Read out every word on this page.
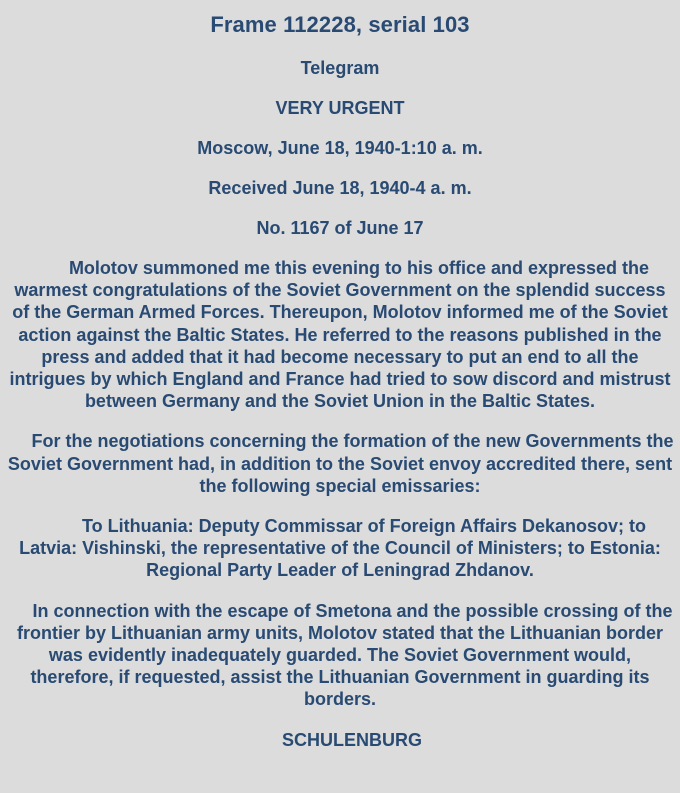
Frame 112228, serial 103

Telegram

VERY URGENT

Moscow, June 18, 1940-1:10 a. m.

Received June 18, 1940-4 a. m.

No. 1167 of June 17

Molotov summoned me this evening to his office and expressed the warmest congratulations of the Soviet Government on the splendid success of the German Armed Forces. Thereupon, Molotov informed me of the Soviet action against the Baltic States. He referred to the reasons published in the press and added that it had become necessary to put an end to all the intrigues by which England and France had tried to sow discord and mistrust between Germany and the Soviet Union in the Baltic States.

For the negotiations concerning the formation of the new Governments the Soviet Government had, in addition to the Soviet envoy accredited there, sent the following special emissaries:

To Lithuania: Deputy Commissar of Foreign Affairs Dekanosov; to Latvia: Vishinski, the representative of the Council of Ministers; to Estonia: Regional Party Leader of Leningrad Zhdanov.

In connection with the escape of Smetona and the possible crossing of the frontier by Lithuanian army units, Molotov stated that the Lithuanian border was evidently inadequately guarded. The Soviet Government would, therefore, if requested, assist the Lithuanian Government in guarding its borders.

SCHULENBURG
